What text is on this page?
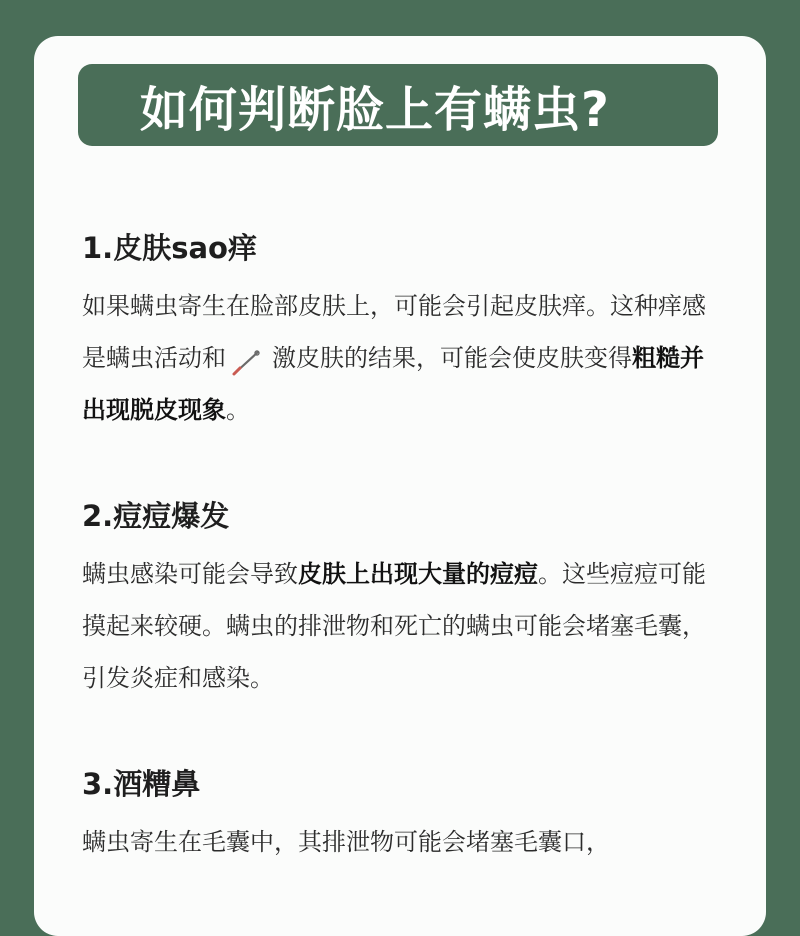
如何判断脸上有螨虫?

1.皮肤sao痒

如果螨虫寄生在脸部皮肤上，可能会引起皮肤痒。这种痒感是螨虫活动和 激皮肤的结果，可能会使皮肤变得粗糙并出现脱皮现象。

2.痘痘爆发

螨虫感染可能会导致皮肤上出现大量的痘痘。这些痘痘可能摸起来较硬。螨虫的排泄物和死亡的螨虫可能会堵塞毛囊，引发炎症和感染。

3.酒糟鼻

螨虫寄生在毛囊中，其排泄物可能会堵塞毛囊口，
